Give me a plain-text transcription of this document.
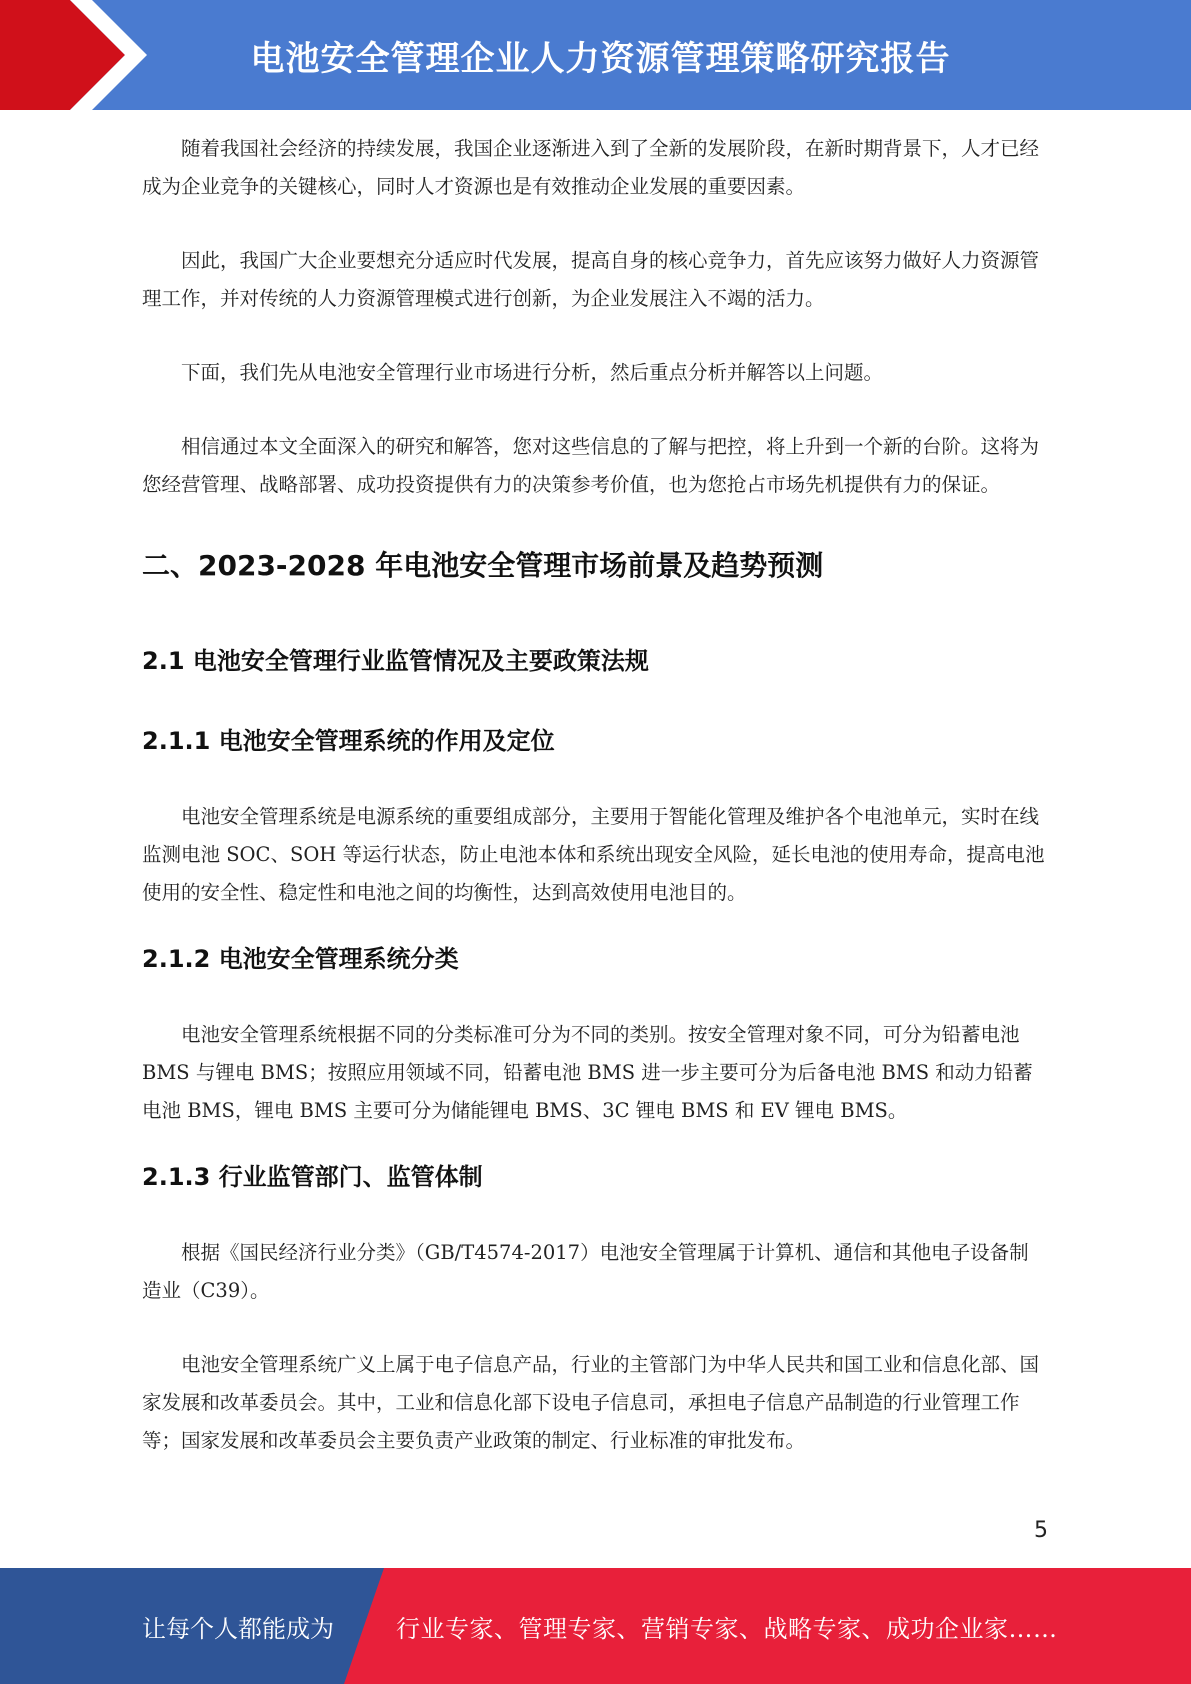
电池安全管理企业人力资源管理策略研究报告

随着我国社会经济的持续发展，我国企业逐渐进入到了全新的发展阶段，在新时期背景下，人才已经成为企业竞争的关键核心，同时人才资源也是有效推动企业发展的重要因素。

因此，我国广大企业要想充分适应时代发展，提高自身的核心竞争力，首先应该努力做好人力资源管理工作，并对传统的人力资源管理模式进行创新，为企业发展注入不竭的活力。

下面，我们先从电池安全管理行业市场进行分析，然后重点分析并解答以上问题。

相信通过本文全面深入的研究和解答，您对这些信息的了解与把控，将上升到一个新的台阶。这将为您经营管理、战略部署、成功投资提供有力的决策参考价值，也为您抢占市场先机提供有力的保证。

二、2023-2028 年电池安全管理市场前景及趋势预测
2.1 电池安全管理行业监管情况及主要政策法规
2.1.1 电池安全管理系统的作用及定位

电池安全管理系统是电源系统的重要组成部分，主要用于智能化管理及维护各个电池单元，实时在线监测电池 SOC、SOH 等运行状态，防止电池本体和系统出现安全风险，延长电池的使用寿命，提高电池使用的安全性、稳定性和电池之间的均衡性，达到高效使用电池目的。

2.1.2 电池安全管理系统分类

电池安全管理系统根据不同的分类标准可分为不同的类别。按安全管理对象不同，可分为铅蓄电池 BMS 与锂电 BMS；按照应用领域不同，铅蓄电池 BMS 进一步主要可分为后备电池 BMS 和动力铅蓄电池 BMS，锂电 BMS 主要可分为储能锂电 BMS、3C 锂电 BMS 和 EV 锂电 BMS。

2.1.3 行业监管部门、监管体制

根据《国民经济行业分类》（GB/T4574-2017）电池安全管理属于计算机、通信和其他电子设备制造业（C39）。

电池安全管理系统广义上属于电子信息产品，行业的主管部门为中华人民共和国工业和信息化部、国家发展和改革委员会。其中，工业和信息化部下设电子信息司，承担电子信息产品制造的行业管理工作等；国家发展和改革委员会主要负责产业政策的制定、行业标准的审批发布。

5
让每个人都能成为	行业专家、管理专家、营销专家、战略专家、成功企业家……
